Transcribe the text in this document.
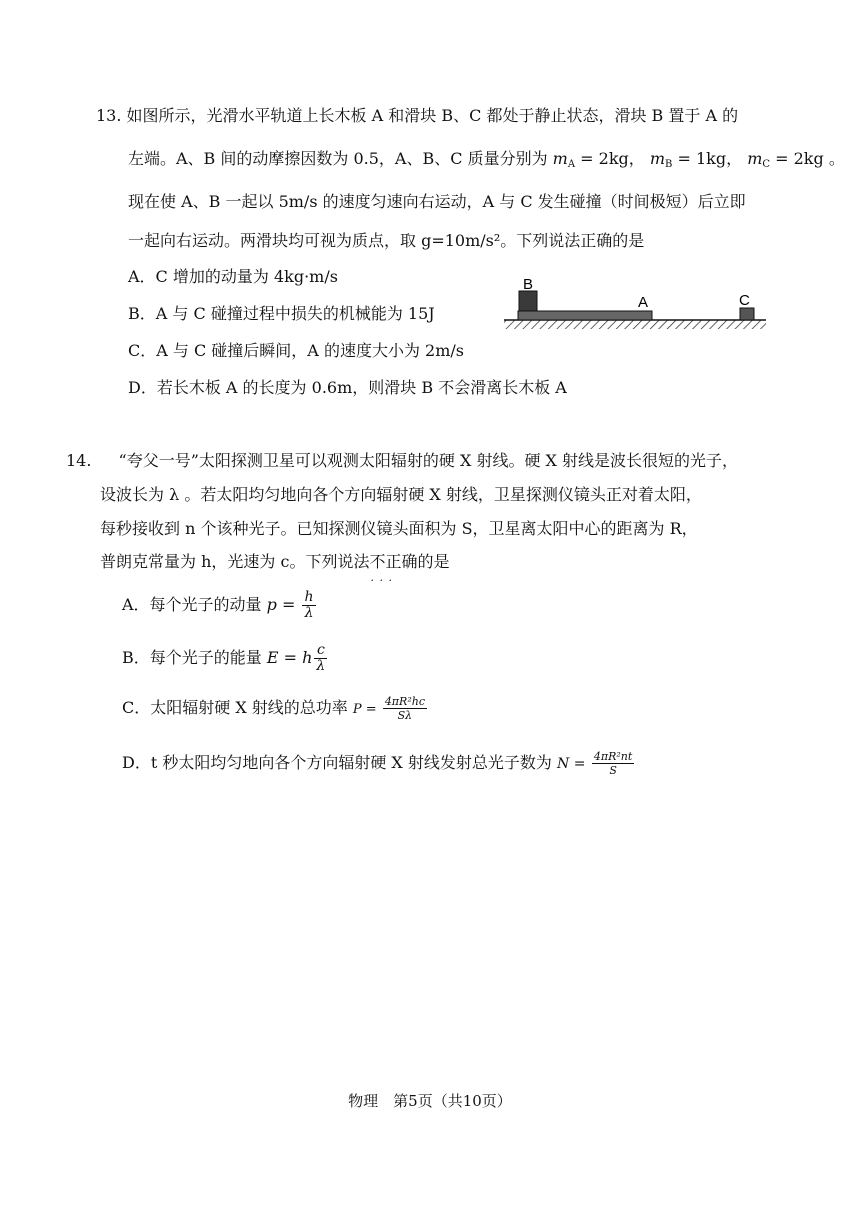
13. 如图所示，光滑水平轨道上长木板 A 和滑块 B、C 都处于静止状态，滑块 B 置于 A 的
左端。A、B 间的动摩擦因数为 0.5，A、B、C 质量分别为 $m_A = 2kg$， $m_B = 1kg$， $m_C = 2kg$ 。
现在使 A、B 一起以 5m/s 的速度匀速向右运动，A 与 C 发生碰撞（时间极短）后立即
一起向右运动。两滑块均可视为质点，取 g=10m/s²。下列说法正确的是
A．C 增加的动量为 4kg·m/s
B．A 与 C 碰撞过程中损失的机械能为 15J
C．A 与 C 碰撞后瞬间，A 的速度大小为 2m/s
D．若长木板 A 的长度为 0.6m，则滑块 B 不会滑离长木板 A
B
A	C
14. “夸父一号”太阳探测卫星可以观测太阳辐射的硬 X 射线。硬 X 射线是波长很短的光子，
设波长为 λ 。若太阳均匀地向各个方向辐射硬 X 射线，卫星探测仪镜头正对着太阳，
每秒接收到 n 个该种光子。已知探测仪镜头面积为 S，卫星离太阳中心的距离为 R，
普朗克常量为 h，光速为 c。下列说法不正确 · · ·的是
A．每个光子的动量 $p = \frac{h}{\lambda}$
B．每个光子的能量 E = h $\frac{c}{\lambda}$
C．太阳辐射硬 X 射线的总功率 $P = \frac{\text{4πR²hc}}{S\lambda}$
D．t 秒太阳均匀地向各个方向辐射硬 X 射线发射总光子数为 $N = \frac{\text{4πR²nt}}{S}$
物理　第5页（共10页）
